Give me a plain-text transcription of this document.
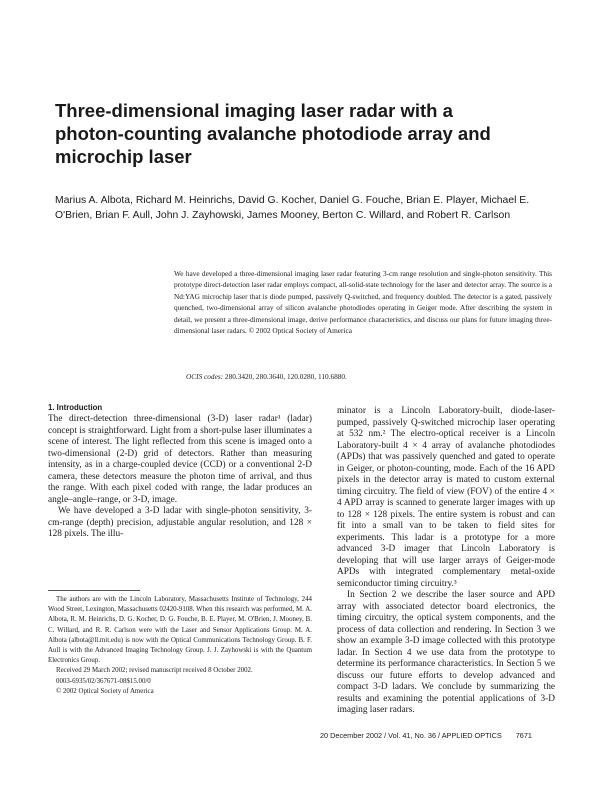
Three-dimensional imaging laser radar with a photon-counting avalanche photodiode array and microchip laser

Marius A. Albota, Richard M. Heinrichs, David G. Kocher, Daniel G. Fouche, Brian E. Player, Michael E. O'Brien, Brian F. Aull, John J. Zayhowski, James Mooney, Berton C. Willard, and Robert R. Carlson

We have developed a three-dimensional imaging laser radar featuring 3-cm range resolution and single-photon sensitivity. This prototype direct-detection laser radar employs compact, all-solid-state technology for the laser and detector array. The source is a Nd:YAG microchip laser that is diode pumped, passively Q-switched, and frequency doubled. The detector is a gated, passively quenched, two-dimensional array of silicon avalanche photodiodes operating in Geiger mode. After describing the system in detail, we present a three-dimensional image, derive performance characteristics, and discuss our plans for future imaging three-dimensional laser radars. © 2002 Optical Society of America

OCIS codes: 280.3420, 280.3640, 120.0280, 110.6880.

1. Introduction

The direct-detection three-dimensional (3-D) laser radar¹ (ladar) concept is straightforward. Light from a short-pulse laser illuminates a scene of interest. The light reflected from this scene is imaged onto a two-dimensional (2-D) grid of detectors. Rather than measuring intensity, as in a charge-coupled device (CCD) or a conventional 2-D camera, these detectors measure the photon time of arrival, and thus the range. With each pixel coded with range, the ladar produces an angle–angle–range, or 3-D, image.

We have developed a 3-D ladar with single-photon sensitivity, 3-cm-range (depth) precision, adjustable angular resolution, and 128 × 128 pixels. The illu-

The authors are with the Lincoln Laboratory, Massachusetts Institute of Technology, 244 Wood Street, Lexington, Massachusetts 02420-9108. When this research was performed, M. A. Albota, R. M. Heinrichs, D. G. Kocher, D. G. Fouche, B. E. Player, M. O'Brien, J. Mooney, B. C. Willard, and R. R. Carlson were with the Laser and Sensor Applications Group. M. A. Albota (albota@ll.mit.edu) is now with the Optical Communications Technology Group. B. F. Aull is with the Advanced Imaging Technology Group. J. J. Zayhowski is with the Quantum Electronics Group.

Received 29 March 2002; revised manuscript received 8 October 2002.

0003-6935/02/367671-08$15.00/0

© 2002 Optical Society of America

minator is a Lincoln Laboratory-built, diode-laser-pumped, passively Q-switched microchip laser operating at 532 nm.² The electro-optical receiver is a Lincoln Laboratory-built 4 × 4 array of avalanche photodiodes (APDs) that was passively quenched and gated to operate in Geiger, or photon-counting, mode. Each of the 16 APD pixels in the detector array is mated to custom external timing circuitry. The field of view (FOV) of the entire 4 × 4 APD array is scanned to generate larger images with up to 128 × 128 pixels. The entire system is robust and can fit into a small van to be taken to field sites for experiments. This ladar is a prototype for a more advanced 3-D imager that Lincoln Laboratory is developing that will use larger arrays of Geiger-mode APDs with integrated complementary metal-oxide semiconductor timing circuitry.³

In Section 2 we describe the laser source and APD array with associated detector board electronics, the timing circuitry, the optical system components, and the process of data collection and rendering. In Section 3 we show an example 3-D image collected with this prototype ladar. In Section 4 we use data from the prototype to determine its performance characteristics. In Section 5 we discuss our future efforts to develop advanced and compact 3-D ladars. We conclude by summarizing the results and examining the potential applications of 3-D imaging laser radars.

20 December 2002 / Vol. 41, No. 36 / APPLIED OPTICS 7671
